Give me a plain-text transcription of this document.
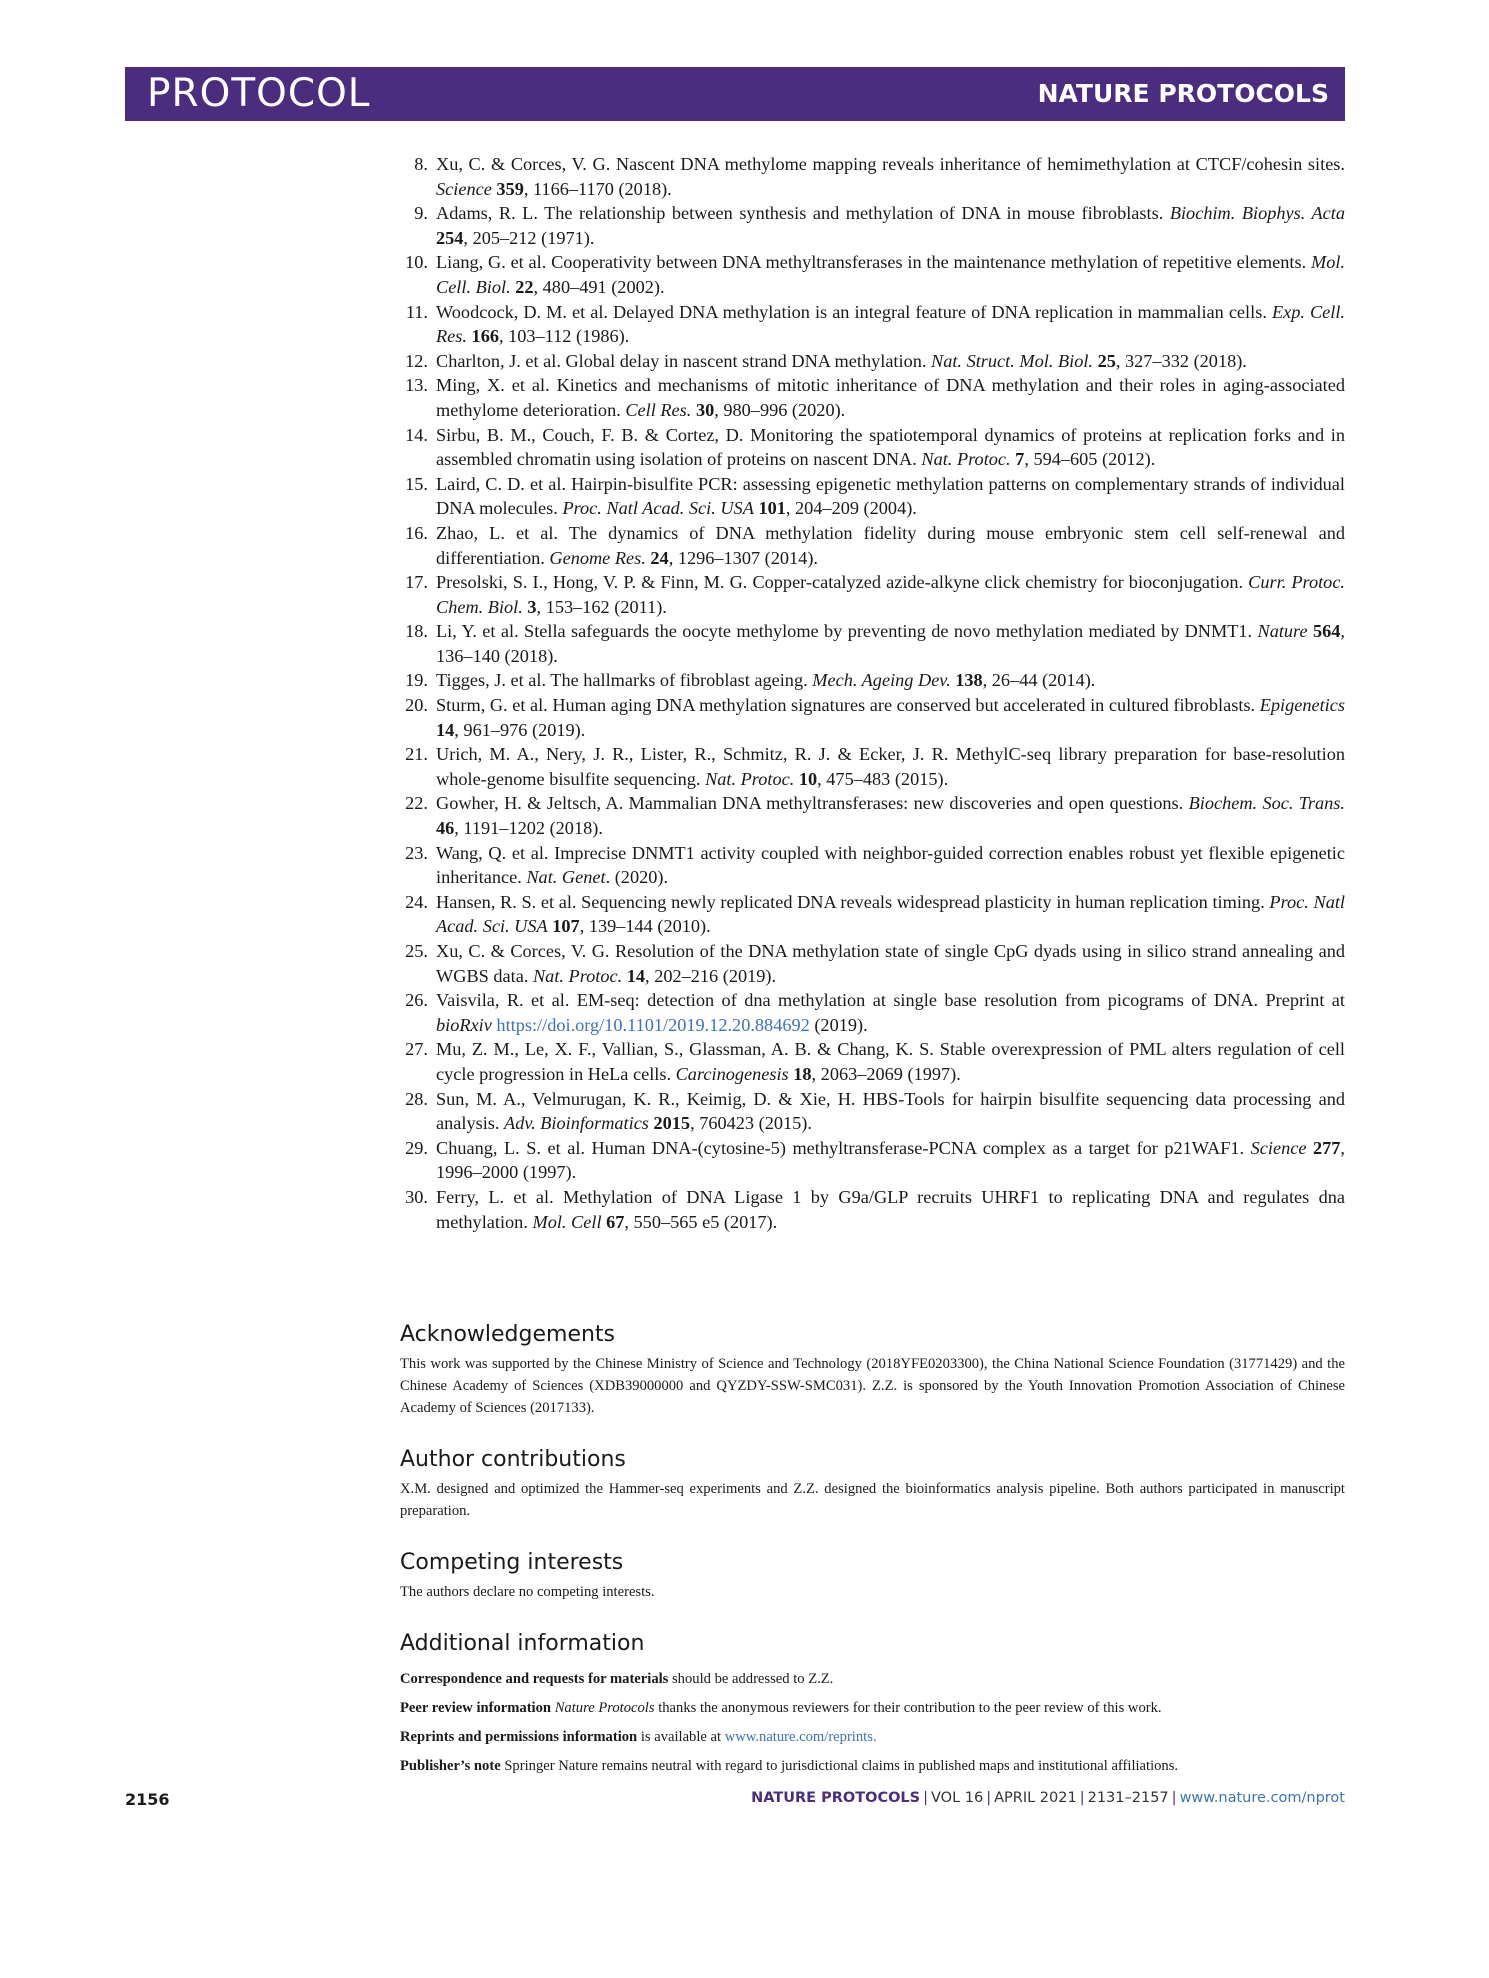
PROTOCOL	NATURE PROTOCOLS
8. Xu, C. & Corces, V. G. Nascent DNA methylome mapping reveals inheritance of hemimethylation at CTCF/cohesin sites. Science 359, 1166–1170 (2018).
9. Adams, R. L. The relationship between synthesis and methylation of DNA in mouse fibroblasts. Biochim. Biophys. Acta 254, 205–212 (1971).
10. Liang, G. et al. Cooperativity between DNA methyltransferases in the maintenance methylation of repetitive elements. Mol. Cell. Biol. 22, 480–491 (2002).
11. Woodcock, D. M. et al. Delayed DNA methylation is an integral feature of DNA replication in mammalian cells. Exp. Cell. Res. 166, 103–112 (1986).
12. Charlton, J. et al. Global delay in nascent strand DNA methylation. Nat. Struct. Mol. Biol. 25, 327–332 (2018).
13. Ming, X. et al. Kinetics and mechanisms of mitotic inheritance of DNA methylation and their roles in aging-associated methylome deterioration. Cell Res. 30, 980–996 (2020).
14. Sirbu, B. M., Couch, F. B. & Cortez, D. Monitoring the spatiotemporal dynamics of proteins at replication forks and in assembled chromatin using isolation of proteins on nascent DNA. Nat. Protoc. 7, 594–605 (2012).
15. Laird, C. D. et al. Hairpin-bisulfite PCR: assessing epigenetic methylation patterns on complementary strands of individual DNA molecules. Proc. Natl Acad. Sci. USA 101, 204–209 (2004).
16. Zhao, L. et al. The dynamics of DNA methylation fidelity during mouse embryonic stem cell self-renewal and differentiation. Genome Res. 24, 1296–1307 (2014).
17. Presolski, S. I., Hong, V. P. & Finn, M. G. Copper-catalyzed azide-alkyne click chemistry for bioconjugation. Curr. Protoc. Chem. Biol. 3, 153–162 (2011).
18. Li, Y. et al. Stella safeguards the oocyte methylome by preventing de novo methylation mediated by DNMT1. Nature 564, 136–140 (2018).
19. Tigges, J. et al. The hallmarks of fibroblast ageing. Mech. Ageing Dev. 138, 26–44 (2014).
20. Sturm, G. et al. Human aging DNA methylation signatures are conserved but accelerated in cultured fibroblasts. Epigenetics 14, 961–976 (2019).
21. Urich, M. A., Nery, J. R., Lister, R., Schmitz, R. J. & Ecker, J. R. MethylC-seq library preparation for base-resolution whole-genome bisulfite sequencing. Nat. Protoc. 10, 475–483 (2015).
22. Gowher, H. & Jeltsch, A. Mammalian DNA methyltransferases: new discoveries and open questions. Biochem. Soc. Trans. 46, 1191–1202 (2018).
23. Wang, Q. et al. Imprecise DNMT1 activity coupled with neighbor-guided correction enables robust yet flexible epigenetic inheritance. Nat. Genet. (2020).
24. Hansen, R. S. et al. Sequencing newly replicated DNA reveals widespread plasticity in human replication timing. Proc. Natl Acad. Sci. USA 107, 139–144 (2010).
25. Xu, C. & Corces, V. G. Resolution of the DNA methylation state of single CpG dyads using in silico strand annealing and WGBS data. Nat. Protoc. 14, 202–216 (2019).
26. Vaisvila, R. et al. EM-seq: detection of dna methylation at single base resolution from picograms of DNA. Preprint at bioRxiv https://doi.org/10.1101/2019.12.20.884692 (2019).
27. Mu, Z. M., Le, X. F., Vallian, S., Glassman, A. B. & Chang, K. S. Stable overexpression of PML alters regulation of cell cycle progression in HeLa cells. Carcinogenesis 18, 2063–2069 (1997).
28. Sun, M. A., Velmurugan, K. R., Keimig, D. & Xie, H. HBS-Tools for hairpin bisulfite sequencing data processing and analysis. Adv. Bioinformatics 2015, 760423 (2015).
29. Chuang, L. S. et al. Human DNA-(cytosine-5) methyltransferase-PCNA complex as a target for p21WAF1. Science 277, 1996–2000 (1997).
30. Ferry, L. et al. Methylation of DNA Ligase 1 by G9a/GLP recruits UHRF1 to replicating DNA and regulates dna methylation. Mol. Cell 67, 550–565 e5 (2017).
Acknowledgements

This work was supported by the Chinese Ministry of Science and Technology (2018YFE0203300), the China National Science Foundation (31771429) and the Chinese Academy of Sciences (XDB39000000 and QYZDY-SSW-SMC031). Z.Z. is sponsored by the Youth Innovation Promotion Association of Chinese Academy of Sciences (2017133).

Author contributions

X.M. designed and optimized the Hammer-seq experiments and Z.Z. designed the bioinformatics analysis pipeline. Both authors participated in manuscript preparation.

Competing interests

The authors declare no competing interests.

Additional information

Correspondence and requests for materials should be addressed to Z.Z.

Peer review information Nature Protocols thanks the anonymous reviewers for their contribution to the peer review of this work.

Reprints and permissions information is available at www.nature.com/reprints.

Publisher’s note Springer Nature remains neutral with regard to jurisdictional claims in published maps and institutional affiliations.

2156	NATURE PROTOCOLS | VOL 16 | APRIL 2021 | 2131–2157 | www.nature.com/nprot
